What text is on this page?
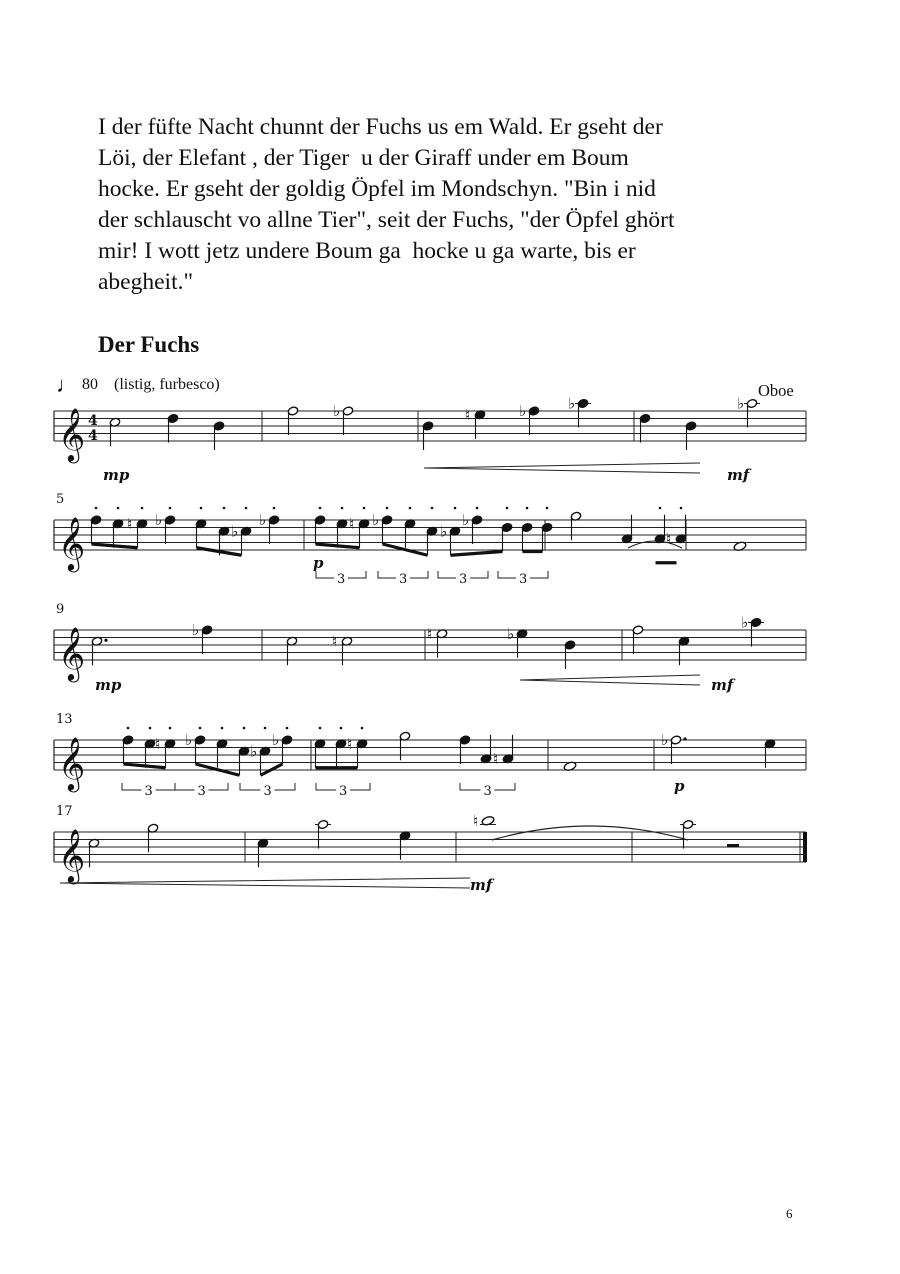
I der füfte Nacht chunnt der Fuchs us em Wald. Er gseht der
Löi, der Elefant , der Tiger  u der Giraff under em Boum
hocke. Er gseht der goldig Öpfel im Mondschyn. "Bin i nid
der schlauscht vo allne Tier", seit der Fuchs, "der Öpfel ghört
mir! I wott jetz undere Boum ga  hocke u ga warte, bis er
abegheit."
Der Fuchs
♩ 80 (listig, furbesco)	Oboe
𝄞 4
4
♭	♮	♭	♭	♭
𝄞	♮ ♭
♭
♭	♮ ♭
♭
♭
♮
𝄞	♭
♮	♮	♭
♭
𝄞	♮ ♭
♭
♭	♮
♮
♭
𝄞
♮
5
9
13
17
mp	mf
p
mp	mf
p
mf
3	3	3	3
3	3	3	3	3
6
